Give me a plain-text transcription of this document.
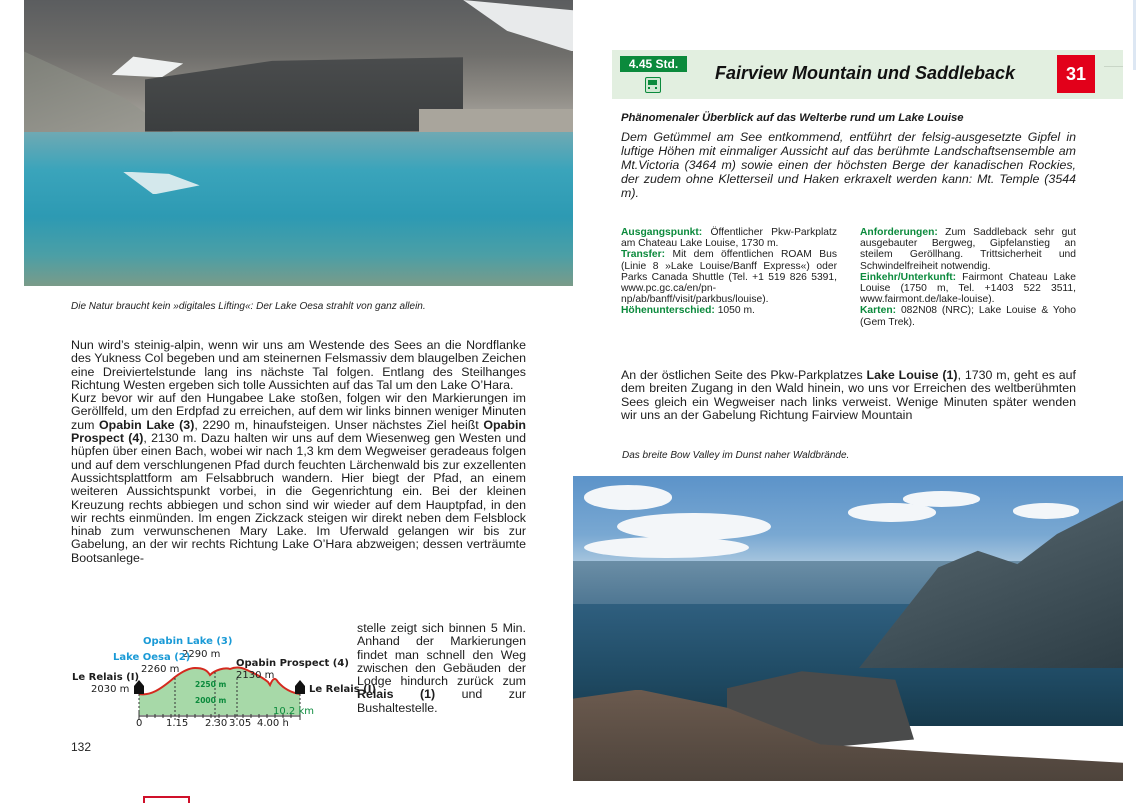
Die Natur braucht kein »digitales Lifting«: Der Lake Oesa strahlt von ganz allein.

Nun wird’s steinig-alpin, wenn wir uns am Westende des Sees an die Nordflanke des Yukness Col begeben und am steinernen Felsmassiv dem blaugelben Zeichen eine Dreiviertelstunde lang ins nächste Tal folgen. Entlang des Steilhanges Richtung Westen ergeben sich tolle Aussichten auf das Tal um den Lake O’Hara.

Kurz bevor wir auf den Hungabee Lake stoßen, folgen wir den Markierungen im Geröllfeld, um den Erdpfad zu erreichen, auf dem wir links binnen weniger Minuten zum Opabin Lake (3), 2290 m, hinaufsteigen. Unser nächstes Ziel heißt Opabin Prospect (4), 2130 m. Dazu halten wir uns auf dem Wiesenweg gen Westen und hüpfen über einen Bach, wobei wir nach 1,3 km dem Wegweiser geradeaus folgen und auf dem verschlungenen Pfad durch feuchten Lärchenwald bis zur exzellenten Aussichtsplattform am Felsabbruch wandern. Hier biegt der Pfad, an einem weiteren Aussichtspunkt vorbei, in die Gegenrichtung ein. Bei der kleinen Kreuzung rechts abbiegen und schon sind wir wieder auf dem Hauptpfad, in den wir rechts einmünden. Im engen Zickzack steigen wir direkt neben dem Felsblock hinab zum verwunschenen Mary Lake. Im Uferwald gelangen wir bis zur Gabelung, an der wir rechts Richtung Lake O’Hara abzweigen; dessen verträumte Bootsanlege-

stelle zeigt sich binnen 5 Min. Anhand der Markierungen findet man schnell den Weg zwischen den Gebäuden der Lodge hindurch zurück zum Relais (1) und zur Bushaltestelle.

Opabin Lake (3)
2290 m
Lake Oesa (2)
2260 m
Opabin Prospect (4)
2130 m
Le Relais (I)
2030 m	Le Relais (I)
2250 m
2000 m
10.2 km
0 1.15 2.30 3.05 4.00 h
132
4.45 Std.	Fairview Mountain und Saddleback	31
Phänomenaler Überblick auf das Welterbe rund um Lake Louise
Dem Getümmel am See entkommend, entführt der felsig-ausgesetzte Gipfel in luftige Höhen mit einmaliger Aussicht auf das berühmte Landschaftsensemble am Mt.Victoria (3464 m) sowie einen der höchsten Berge der kanadischen Rockies, der zudem ohne Kletterseil und Haken erkraxelt werden kann: Mt. Temple (3544 m).
Ausgangspunkt: Öffentlicher Pkw-Parkplatz am Chateau Lake Louise, 1730 m.
Transfer: Mit dem öffentlichen ROAM Bus (Linie 8 »Lake Louise/Banff Express«) oder Parks Canada Shuttle (Tel. +1 519 826 5391, www.pc.gc.ca/en/pn-np/ab/banff/visit/parkbus/louise).
Höhenunterschied: 1050 m.
Anforderungen: Zum Saddleback sehr gut ausgebauter Bergweg, Gipfelanstieg an steilem Geröllhang. Trittsicherheit und Schwindelfreiheit notwendig.
Einkehr/Unterkunft: Fairmont Chateau Lake Louise (1750 m, Tel. +1403 522 3511, www.fairmont.de/lake-louise).
Karten: 082N08 (NRC); Lake Louise & Yoho (Gem Trek).

An der östlichen Seite des Pkw-Parkplatzes Lake Louise (1), 1730 m, geht es auf dem breiten Zugang in den Wald hinein, wo uns vor Erreichen des weltberühmten Sees gleich ein Wegweiser nach links verweist. Wenige Minuten später wenden wir uns an der Gabelung Richtung Fairview Mountain

Das breite Bow Valley im Dunst naher Waldbrände.
